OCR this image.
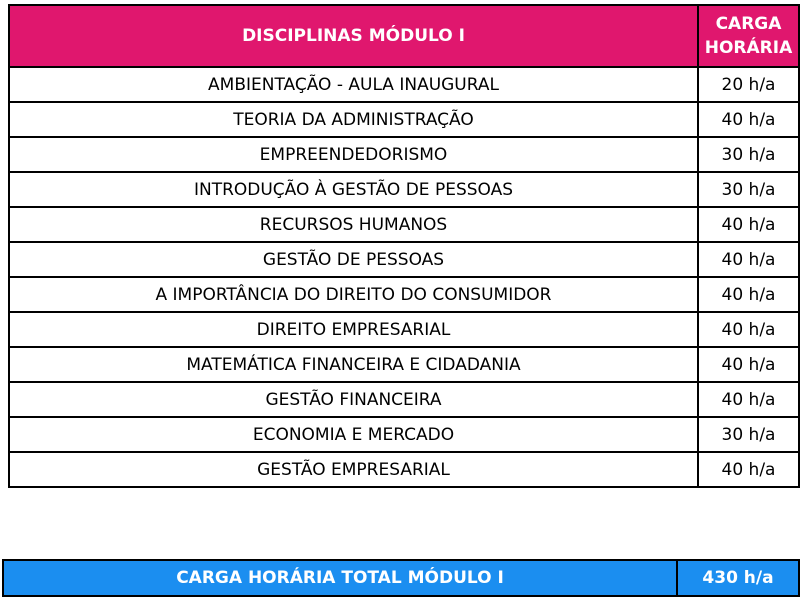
DISCIPLINAS MÓDULO I	CARGA
HORÁRIA
AMBIENTAÇÃO - AULA INAUGURAL	20 h/a
TEORIA DA ADMINISTRAÇÃO	40 h/a
EMPREENDEDORISMO	30 h/a
INTRODUÇÃO À GESTÃO DE PESSOAS	30 h/a
RECURSOS HUMANOS	40 h/a
GESTÃO DE PESSOAS	40 h/a
A IMPORTÂNCIA DO DIREITO DO CONSUMIDOR	40 h/a
DIREITO EMPRESARIAL	40 h/a
MATEMÁTICA FINANCEIRA E CIDADANIA	40 h/a
GESTÃO FINANCEIRA	40 h/a
ECONOMIA E MERCADO	30 h/a
GESTÃO EMPRESARIAL	40 h/a
CARGA HORÁRIA TOTAL MÓDULO I	430 h/a
